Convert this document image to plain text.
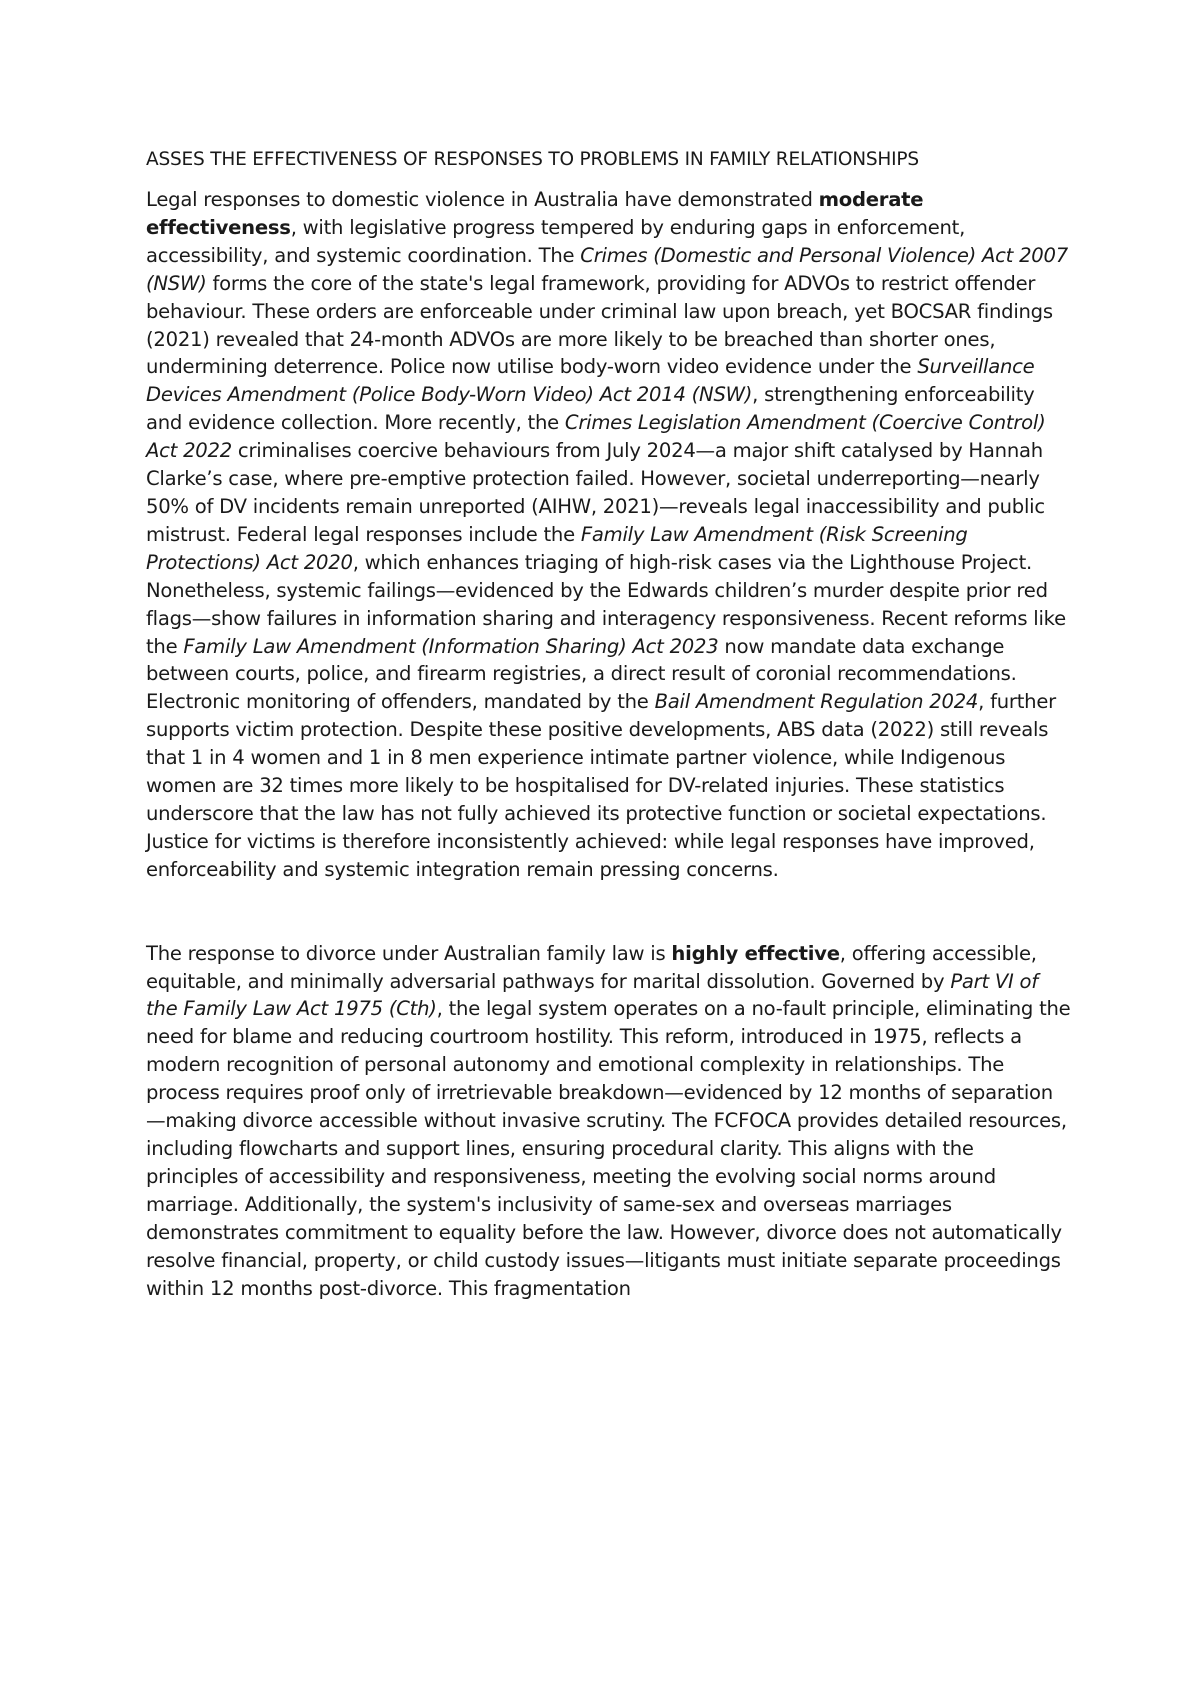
ASSES THE EFFECTIVENESS OF RESPONSES TO PROBLEMS IN FAMILY RELATIONSHIPS

Legal responses to domestic violence in Australia have demonstrated moderate effectiveness, with legislative progress tempered by enduring gaps in enforcement, accessibility, and systemic coordination. The Crimes (Domestic and Personal Violence) Act 2007 (NSW) forms the core of the state's legal framework, providing for ADVOs to restrict offender behaviour. These orders are enforceable under criminal law upon breach, yet BOCSAR findings (2021) revealed that 24-month ADVOs are more likely to be breached than shorter ones, undermining deterrence. Police now utilise body-worn video evidence under the Surveillance Devices Amendment (Police Body-Worn Video) Act 2014 (NSW), strengthening enforceability and evidence collection. More recently, the Crimes Legislation Amendment (Coercive Control) Act 2022 criminalises coercive behaviours from July 2024—a major shift catalysed by Hannah Clarke’s case, where pre-emptive protection failed. However, societal underreporting—nearly 50% of DV incidents remain unreported (AIHW, 2021)—reveals legal inaccessibility and public mistrust. Federal legal responses include the Family Law Amendment (Risk Screening Protections) Act 2020, which enhances triaging of high-risk cases via the Lighthouse Project. Nonetheless, systemic failings—evidenced by the Edwards children’s murder despite prior red flags—show failures in information sharing and interagency responsiveness. Recent reforms like the Family Law Amendment (Information Sharing) Act 2023 now mandate data exchange between courts, police, and firearm registries, a direct result of coronial recommendations. Electronic monitoring of offenders, mandated by the Bail Amendment Regulation 2024, further supports victim protection. Despite these positive developments, ABS data (2022) still reveals that 1 in 4 women and 1 in 8 men experience intimate partner violence, while Indigenous women are 32 times more likely to be hospitalised for DV-related injuries. These statistics underscore that the law has not fully achieved its protective function or societal expectations. Justice for victims is therefore inconsistently achieved: while legal responses have improved, enforceability and systemic integration remain pressing concerns.

The response to divorce under Australian family law is highly effective, offering accessible, equitable, and minimally adversarial pathways for marital dissolution. Governed by Part VI of the Family Law Act 1975 (Cth), the legal system operates on a no-fault principle, eliminating the need for blame and reducing courtroom hostility. This reform, introduced in 1975, reflects a modern recognition of personal autonomy and emotional complexity in relationships. The process requires proof only of irretrievable breakdown—evidenced by 12 months of separation—making divorce accessible without invasive scrutiny. The FCFOCA provides detailed resources, including flowcharts and support lines, ensuring procedural clarity. This aligns with the principles of accessibility and responsiveness, meeting the evolving social norms around marriage. Additionally, the system's inclusivity of same-sex and overseas marriages demonstrates commitment to equality before the law. However, divorce does not automatically resolve financial, property, or child custody issues—litigants must initiate separate proceedings within 12 months post-divorce. This fragmentation
